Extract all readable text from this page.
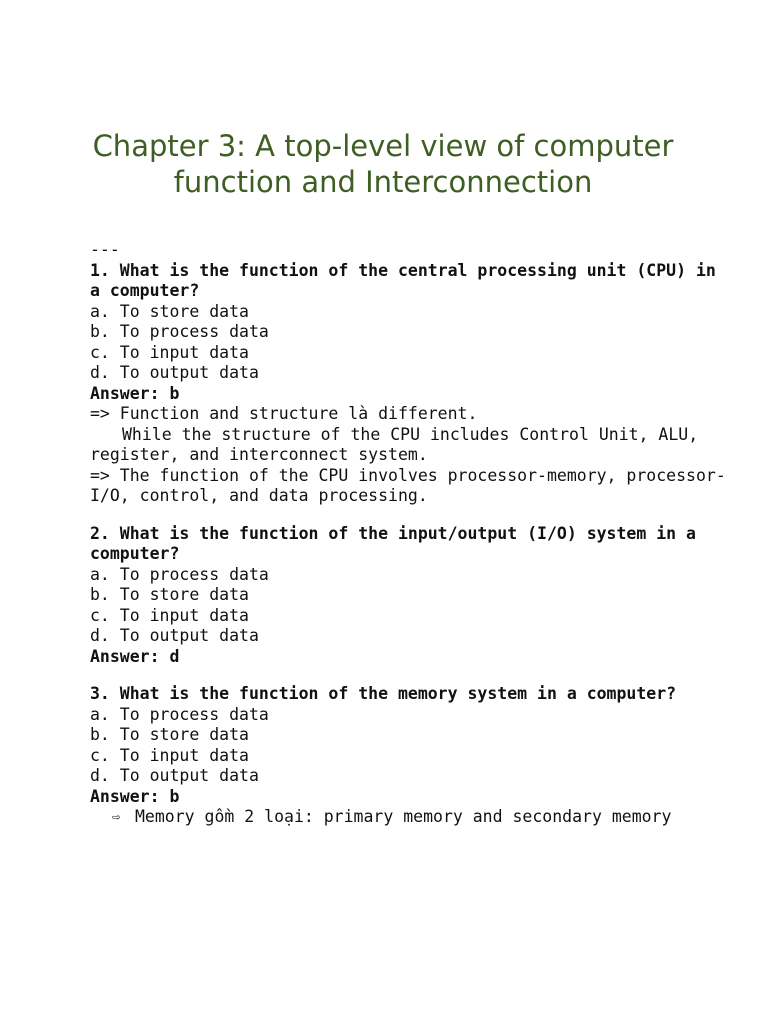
Chapter 3: A top-level view of computer function and Interconnection
---
1. What is the function of the central processing unit (CPU) in a computer?
a. To store data
b. To process data
c. To input data
d. To output data
Answer: b
=> Function and structure là different.
While the structure of the CPU includes Control Unit, ALU, register, and interconnect system.
=> The function of the CPU involves processor-memory, processor-I/O, control, and data processing.
2. What is the function of the input/output (I/O) system in a computer?
a. To process data
b. To store data
c. To input data
d. To output data
Answer: d
3. What is the function of the memory system in a computer?
a. To process data
b. To store data
c. To input data
d. To output data
Answer: b
⇨ Memory gồm 2 loại: primary memory and secondary memory
